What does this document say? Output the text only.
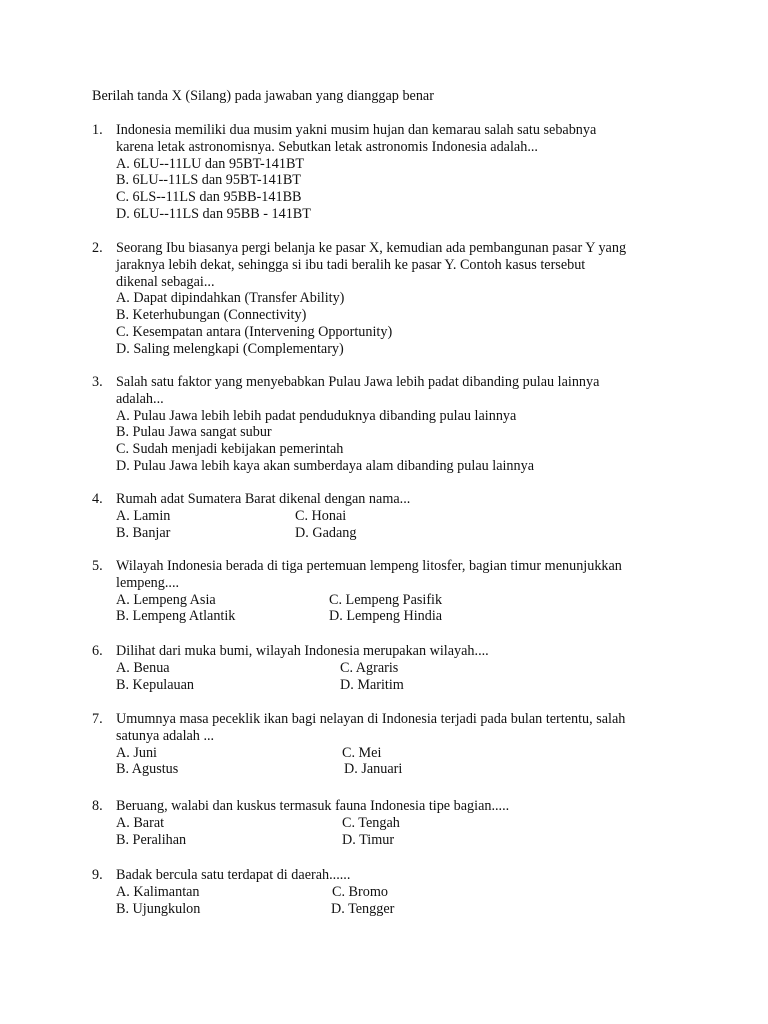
Berilah tanda X (Silang) pada jawaban yang dianggap benar
1. Indonesia memiliki dua musim yakni musim hujan dan kemarau salah satu sebabnya
karena letak astronomisnya. Sebutkan letak astronomis Indonesia adalah...
A. 6LU--11LU dan 95BT-141BT
B. 6LU--11LS dan 95BT-141BT
C. 6LS--11LS dan 95BB-141BB
D. 6LU--11LS dan 95BB - 141BT
2. Seorang Ibu biasanya pergi belanja ke pasar X, kemudian ada pembangunan pasar Y yang
jaraknya lebih dekat, sehingga si ibu tadi beralih ke pasar Y. Contoh kasus tersebut
dikenal sebagai...
A. Dapat dipindahkan (Transfer Ability)
B. Keterhubungan (Connectivity)
C. Kesempatan antara (Intervening Opportunity)
D. Saling melengkapi (Complementary)
3. Salah satu faktor yang menyebabkan Pulau Jawa lebih padat dibanding pulau lainnya
adalah...
A. Pulau Jawa lebih lebih padat penduduknya dibanding pulau lainnya
B. Pulau Jawa sangat subur
C. Sudah menjadi kebijakan pemerintah
D. Pulau Jawa lebih kaya akan sumberdaya alam dibanding pulau lainnya
4. Rumah adat Sumatera Barat dikenal dengan nama...
A. Lamin	C. Honai
B. Banjar	D. Gadang
5. Wilayah Indonesia berada di tiga pertemuan lempeng litosfer, bagian timur menunjukkan
lempeng....
A. Lempeng Asia	C. Lempeng Pasifik
B. Lempeng Atlantik	D. Lempeng Hindia
6. Dilihat dari muka bumi, wilayah Indonesia merupakan wilayah....
A. Benua	C. Agraris
B. Kepulauan	D. Maritim
7. Umumnya masa peceklik ikan bagi nelayan di Indonesia terjadi pada bulan tertentu, salah
satunya adalah ...
A. Juni	C. Mei
B. Agustus	D. Januari
8. Beruang, walabi dan kuskus termasuk fauna Indonesia tipe bagian.....
A. Barat	C. Tengah
B. Peralihan	D. Timur
9. Badak bercula satu terdapat di daerah......
A. Kalimantan	C. Bromo
B. Ujungkulon	D. Tengger
